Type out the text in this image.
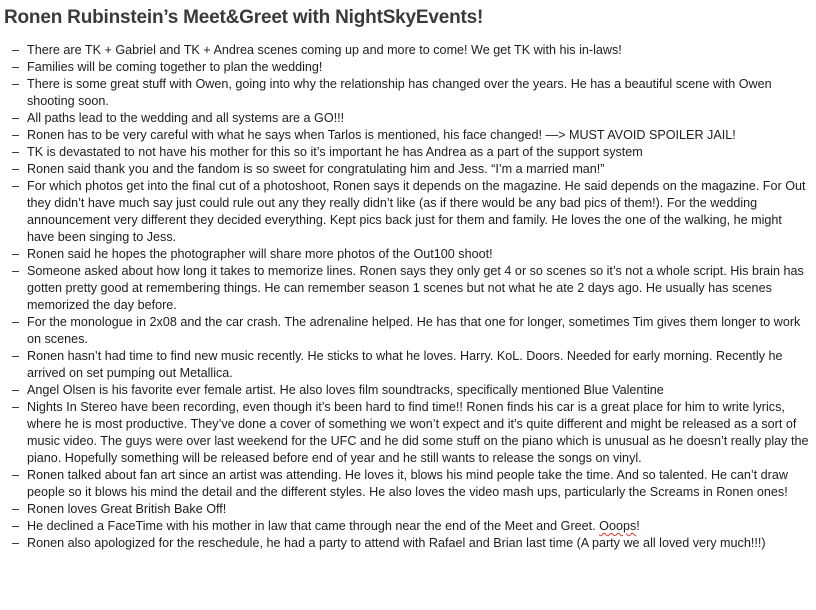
Ronen Rubinstein’s Meet&Greet with NightSkyEvents!
– There are TK + Gabriel and TK + Andrea scenes coming up and more to come! We get TK with his in-laws!
– Families will be coming together to plan the wedding!
– There is some great stuff with Owen, going into why the relationship has changed over the years. He has a beautiful scene with Owen shooting soon.
– All paths lead to the wedding and all systems are a GO!!!
– Ronen has to be very careful with what he says when Tarlos is mentioned, his face changed! —> MUST AVOID SPOILER JAIL!
– TK is devastated to not have his mother for this so it’s important he has Andrea as a part of the support system
– Ronen said thank you and the fandom is so sweet for congratulating him and Jess. “I’m a married man!”
– For which photos get into the final cut of a photoshoot, Ronen says it depends on the magazine. He said depends on the magazine. For Out they didn’t have much say just could rule out any they really didn’t like (as if there would be any bad pics of them!). For the wedding announcement very different they decided everything. Kept pics back just for them and family. He loves the one of the walking, he might have been singing to Jess.
– Ronen said he hopes the photographer will share more photos of the Out100 shoot!
– Someone asked about how long it takes to memorize lines. Ronen says they only get 4 or so scenes so it’s not a whole script. His brain has gotten pretty good at remembering things. He can remember season 1 scenes but not what he ate 2 days ago. He usually has scenes memorized the day before.
– For the monologue in 2x08 and the car crash. The adrenaline helped. He has that one for longer, sometimes Tim gives them longer to work on scenes.
– Ronen hasn’t had time to find new music recently. He sticks to what he loves. Harry. KoL. Doors. Needed for early morning. Recently he arrived on set pumping out Metallica.
– Angel Olsen is his favorite ever female artist. He also loves film soundtracks, specifically mentioned Blue Valentine
– Nights In Stereo have been recording, even though it’s been hard to find time!! Ronen finds his car is a great place for him to write lyrics, where he is most productive. They’ve done a cover of something we won’t expect and it’s quite different and might be released as a sort of music video. The guys were over last weekend for the UFC and he did some stuff on the piano which is unusual as he doesn’t really play the piano. Hopefully something will be released before end of year and he still wants to release the songs on vinyl.
– Ronen talked about fan art since an artist was attending. He loves it, blows his mind people take the time. And so talented. He can’t draw people so it blows his mind the detail and the different styles. He also loves the video mash ups, particularly the Screams in Ronen ones!
– Ronen loves Great British Bake Off!
– He declined a FaceTime with his mother in law that came through near the end of the Meet and Greet. Ooops!
– Ronen also apologized for the reschedule, he had a party to attend with Rafael and Brian last time (A party we all loved very much!!!)
